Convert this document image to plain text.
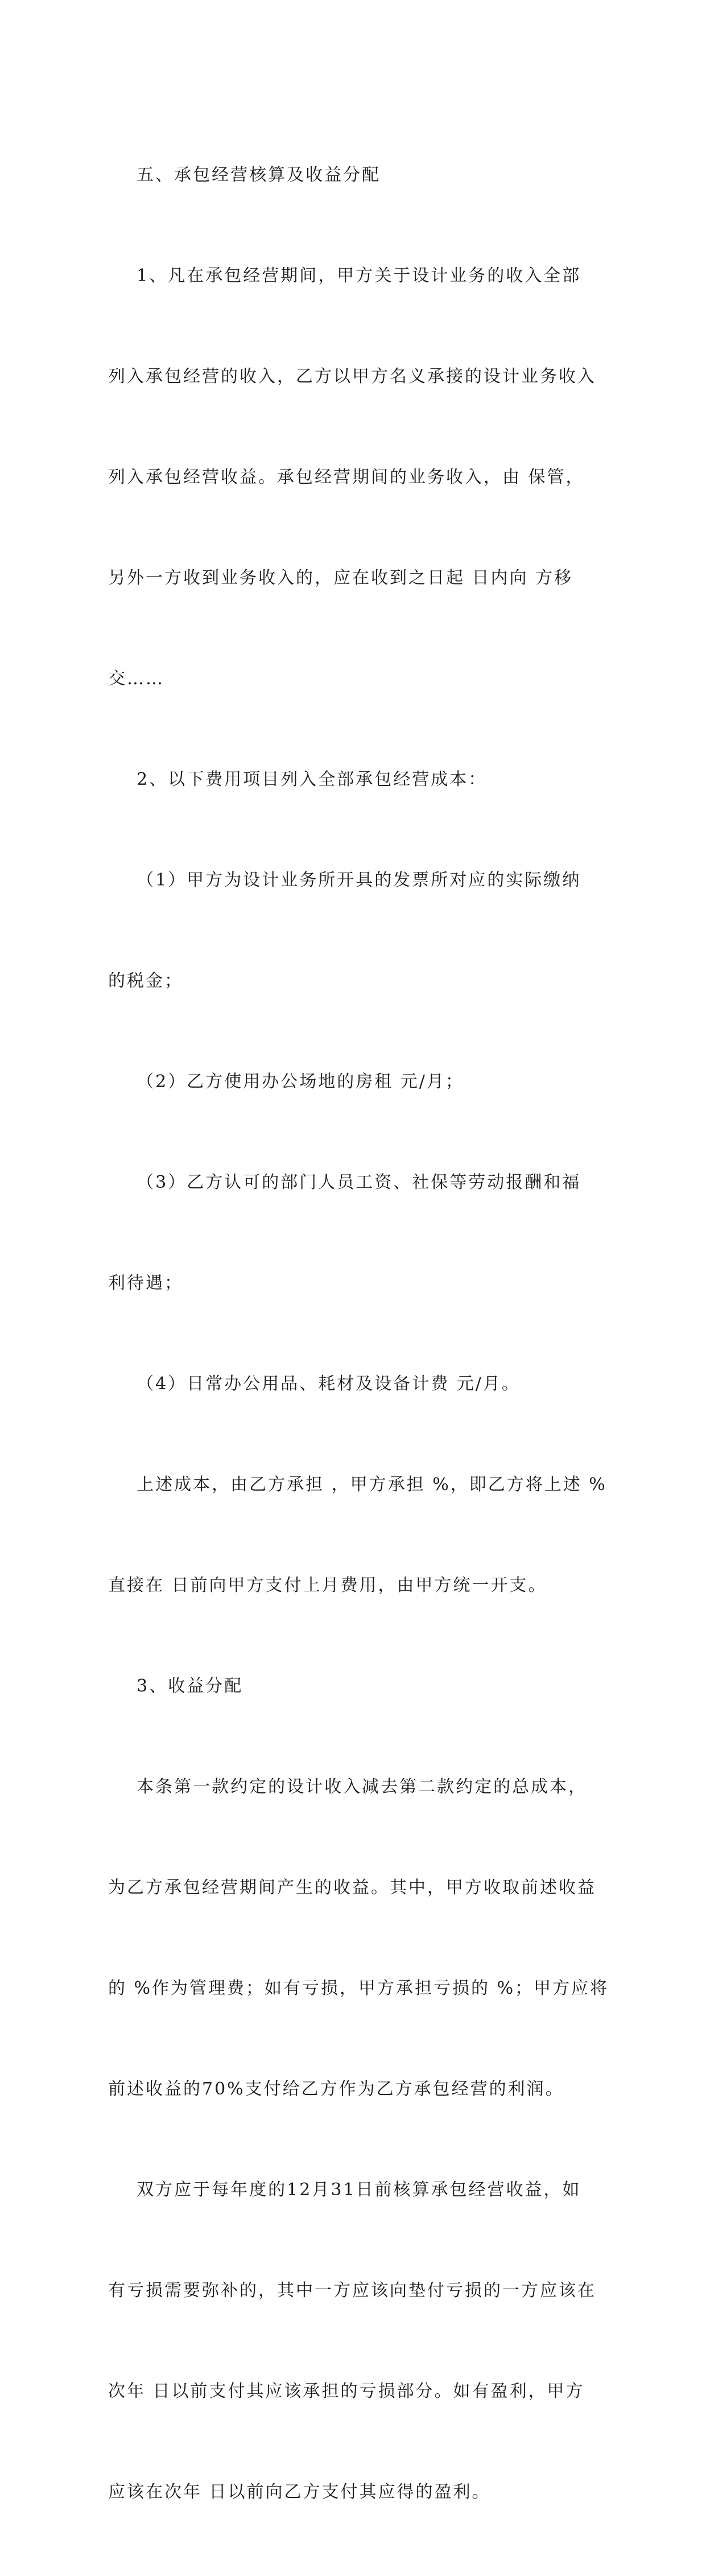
五、承包经营核算及收益分配

1、凡在承包经营期间，甲方关于设计业务的收入全部

列入承包经营的收入，乙方以甲方名义承接的设计业务收入

列入承包经营收益。承包经营期间的业务收入，由 保管，

另外一方收到业务收入的，应在收到之日起 日内向 方移

交……

2、以下费用项目列入全部承包经营成本：

（1）甲方为设计业务所开具的发票所对应的实际缴纳

的税金；

（2）乙方使用办公场地的房租 元/月；

（3）乙方认可的部门人员工资、社保等劳动报酬和福

利待遇；

（4）日常办公用品、耗材及设备计费 元/月。

上述成本，由乙方承担 ，甲方承担 %，即乙方将上述 %

直接在 日前向甲方支付上月费用，由甲方统一开支。

3、收益分配

本条第一款约定的设计收入减去第二款约定的总成本，

为乙方承包经营期间产生的收益。其中，甲方收取前述收益

的 %作为管理费；如有亏损，甲方承担亏损的 %；甲方应将

前述收益的70%支付给乙方作为乙方承包经营的利润。

双方应于每年度的12月31日前核算承包经营收益，如

有亏损需要弥补的，其中一方应该向垫付亏损的一方应该在

次年 日以前支付其应该承担的亏损部分。如有盈利，甲方

应该在次年 日以前向乙方支付其应得的盈利。
